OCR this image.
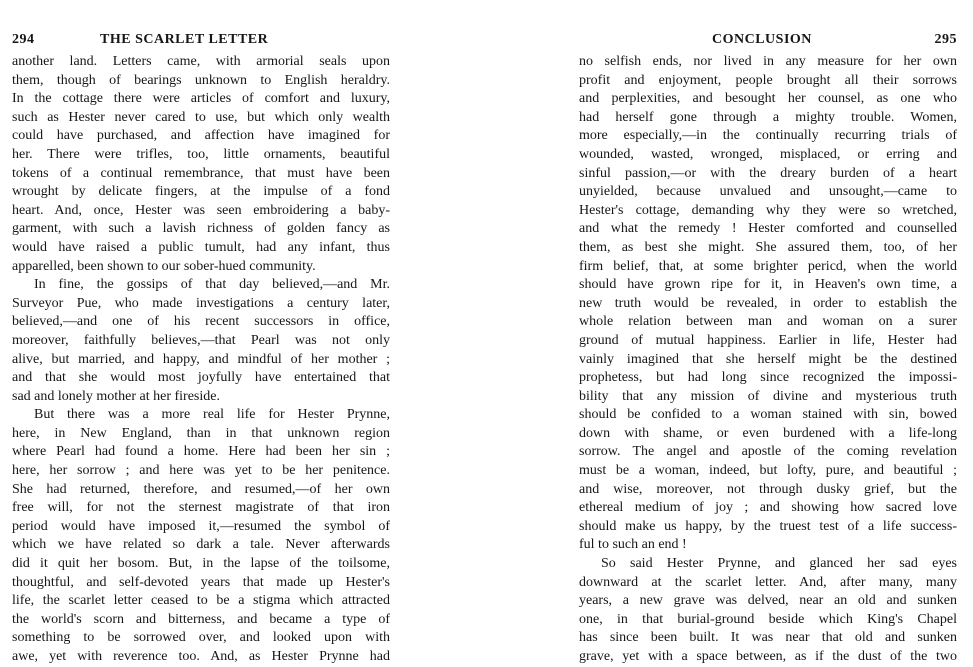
294	THE SCARLET LETTER
another land. Letters came, with armorial seals upon
them, though of bearings unknown to English heraldry.
In the cottage there were articles of comfort and luxury,
such as Hester never cared to use, but which only wealth
could have purchased, and affection have imagined for
her. There were trifles, too, little ornaments, beautiful
tokens of a continual remembrance, that must have been
wrought by delicate fingers, at the impulse of a fond
heart. And, once, Hester was seen embroidering a baby-
garment, with such a lavish richness of golden fancy as
would have raised a public tumult, had any infant, thus
apparelled, been shown to our sober-hued community.
In fine, the gossips of that day believed,—and Mr.
Surveyor Pue, who made investigations a century later,
believed,—and one of his recent successors in office,
moreover, faithfully believes,—that Pearl was not only
alive, but married, and happy, and mindful of her mother ;
and that she would most joyfully have entertained that
sad and lonely mother at her fireside.
But there was a more real life for Hester Prynne,
here, in New England, than in that unknown region
where Pearl had found a home. Here had been her sin ;
here, her sorrow ; and here was yet to be her penitence.
She had returned, therefore, and resumed,—of her own
free will, for not the sternest magistrate of that iron
period would have imposed it,—resumed the symbol of
which we have related so dark a tale. Never afterwards
did it quit her bosom. But, in the lapse of the toilsome,
thoughtful, and self-devoted years that made up Hester's
life, the scarlet letter ceased to be a stigma which attracted
the world's scorn and bitterness, and became a type of
something to be sorrowed over, and looked upon with
awe, yet with reverence too. And, as Hester Prynne had
CONCLUSION	295
no selfish ends, nor lived in any measure for her own
profit and enjoyment, people brought all their sorrows
and perplexities, and besought her counsel, as one who
had herself gone through a mighty trouble. Women,
more especially,—in the continually recurring trials of
wounded, wasted, wronged, misplaced, or erring and
sinful passion,—or with the dreary burden of a heart
unyielded, because unvalued and unsought,—came to
Hester's cottage, demanding why they were so wretched,
and what the remedy ! Hester comforted and counselled
them, as best she might. She assured them, too, of her
firm belief, that, at some brighter pericd, when the world
should have grown ripe for it, in Heaven's own time, a
new truth would be revealed, in order to establish the
whole relation between man and woman on a surer
ground of mutual happiness. Earlier in life, Hester had
vainly imagined that she herself might be the destined
prophetess, but had long since recognized the impossi-
bility that any mission of divine and mysterious truth
should be confided to a woman stained with sin, bowed
down with shame, or even burdened with a life-long
sorrow. The angel and apostle of the coming revelation
must be a woman, indeed, but lofty, pure, and beautiful ;
and wise, moreover, not through dusky grief, but the
ethereal medium of joy ; and showing how sacred love
should make us happy, by the truest test of a life success-
ful to such an end !
So said Hester Prynne, and glanced her sad eyes
downward at the scarlet letter. And, after many, many
years, a new grave was delved, near an old and sunken
one, in that burial-ground beside which King's Chapel
has since been built. It was near that old and sunken
grave, yet with a space between, as if the dust of the two
